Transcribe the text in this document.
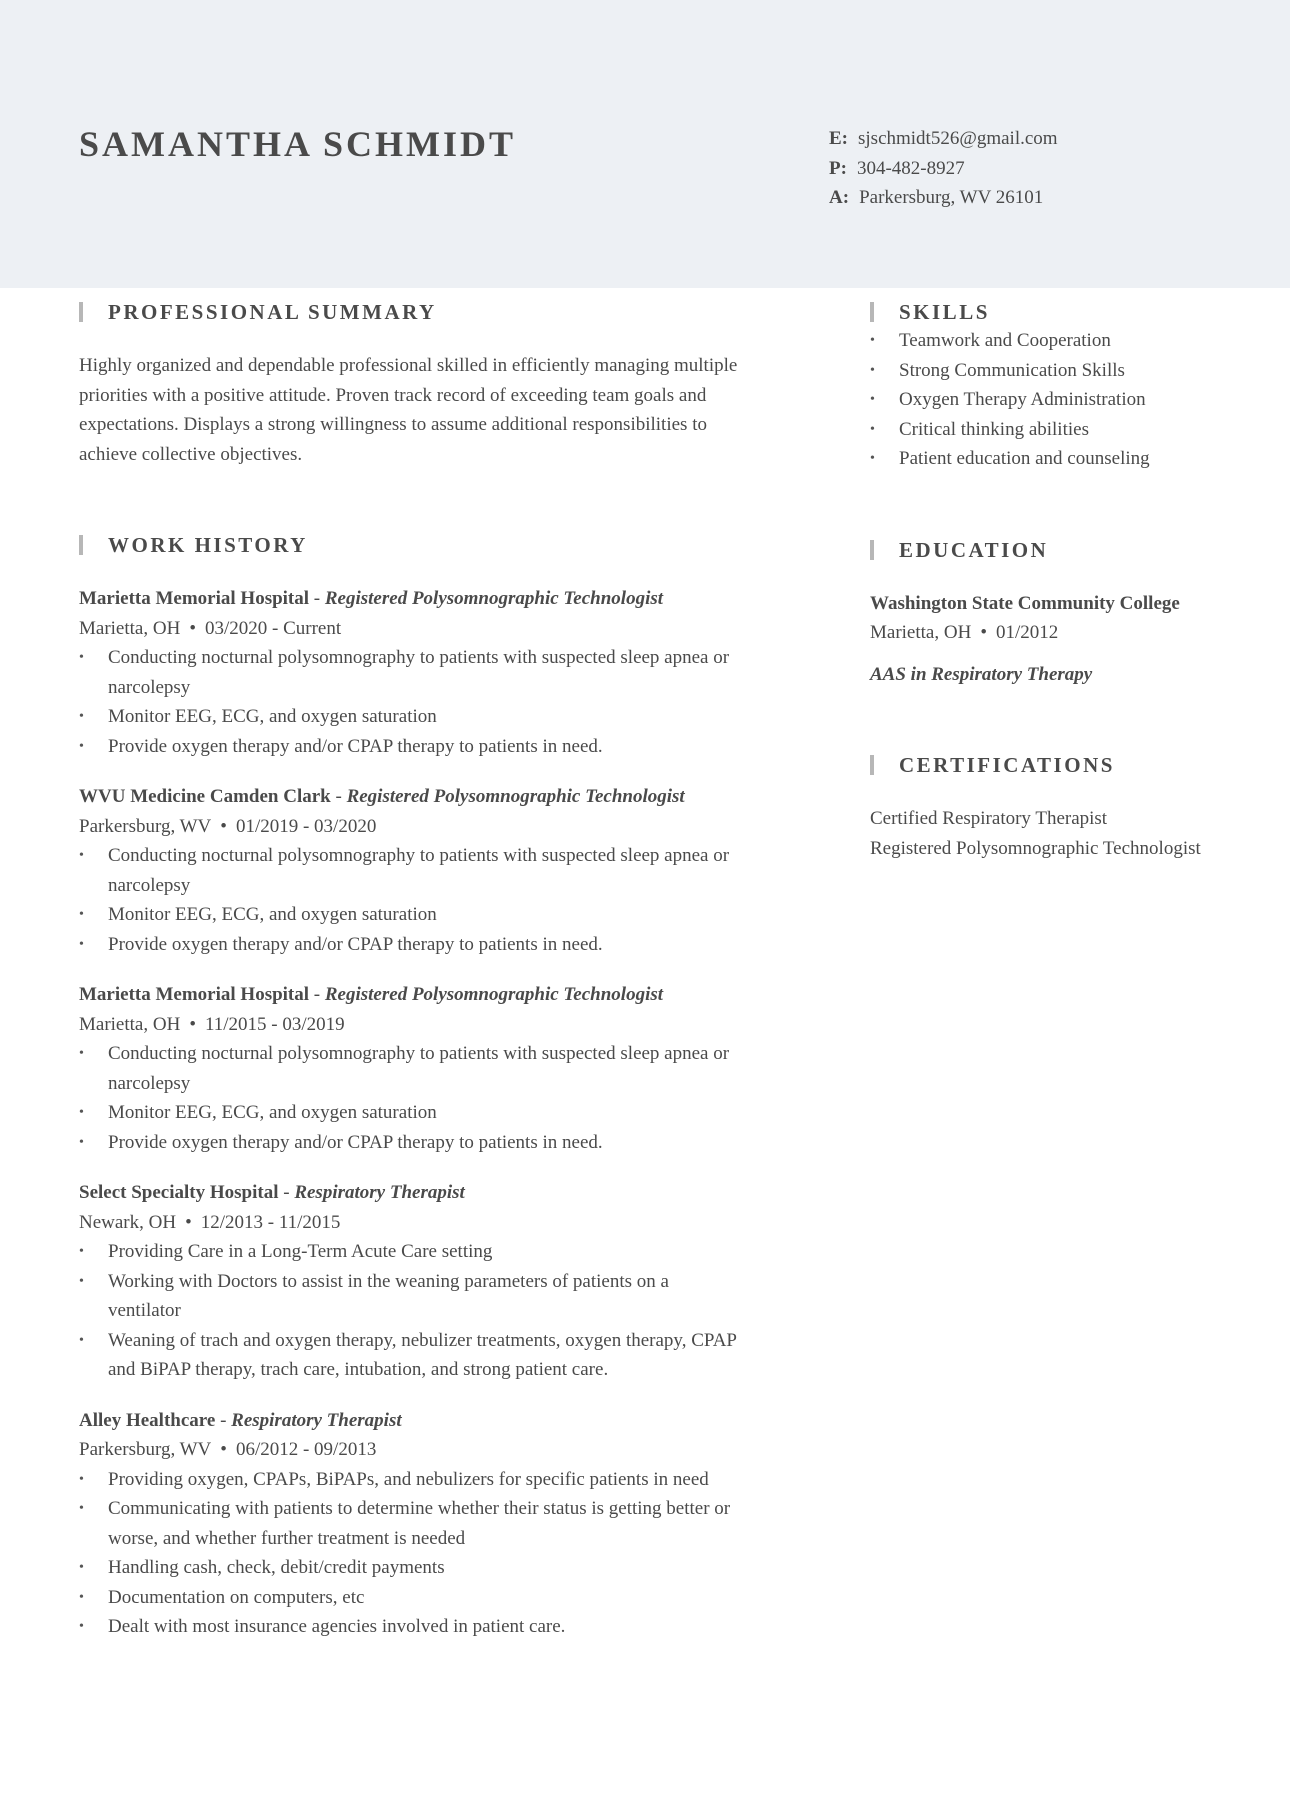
SAMANTHA SCHMIDT	E: sjschmidt526@gmail.com
P: 304-482-8927
A: Parkersburg, WV 26101
PROFESSIONAL SUMMARY
Highly organized and dependable professional skilled in efficiently managing multiple
priorities with a positive attitude. Proven track record of exceeding team goals and
expectations. Displays a strong willingness to assume additional responsibilities to
achieve collective objectives.
WORK HISTORY
Marietta Memorial Hospital - Registered Polysomnographic Technologist
Marietta, OH • 03/2020 - Current
• Conducting nocturnal polysomnography to patients with suspected sleep apnea or
narcolepsy
• Monitor EEG, ECG, and oxygen saturation
• Provide oxygen therapy and/or CPAP therapy to patients in need.
WVU Medicine Camden Clark - Registered Polysomnographic Technologist
Parkersburg, WV • 01/2019 - 03/2020
• Conducting nocturnal polysomnography to patients with suspected sleep apnea or
narcolepsy
• Monitor EEG, ECG, and oxygen saturation
• Provide oxygen therapy and/or CPAP therapy to patients in need.
Marietta Memorial Hospital - Registered Polysomnographic Technologist
Marietta, OH • 11/2015 - 03/2019
• Conducting nocturnal polysomnography to patients with suspected sleep apnea or
narcolepsy
• Monitor EEG, ECG, and oxygen saturation
• Provide oxygen therapy and/or CPAP therapy to patients in need.
Select Specialty Hospital - Respiratory Therapist
Newark, OH • 12/2013 - 11/2015
• Providing Care in a Long-Term Acute Care setting
• Working with Doctors to assist in the weaning parameters of patients on a
ventilator
• Weaning of trach and oxygen therapy, nebulizer treatments, oxygen therapy, CPAP
and BiPAP therapy, trach care, intubation, and strong patient care.
Alley Healthcare - Respiratory Therapist
Parkersburg, WV • 06/2012 - 09/2013
• Providing oxygen, CPAPs, BiPAPs, and nebulizers for specific patients in need
• Communicating with patients to determine whether their status is getting better or
worse, and whether further treatment is needed
• Handling cash, check, debit/credit payments
• Documentation on computers, etc
• Dealt with most insurance agencies involved in patient care.
SKILLS
• Teamwork and Cooperation
• Strong Communication Skills
• Oxygen Therapy Administration
• Critical thinking abilities
• Patient education and counseling
EDUCATION
Washington State Community College
Marietta, OH • 01/2012
AAS in Respiratory Therapy
CERTIFICATIONS
Certified Respiratory Therapist
Registered Polysomnographic Technologist
